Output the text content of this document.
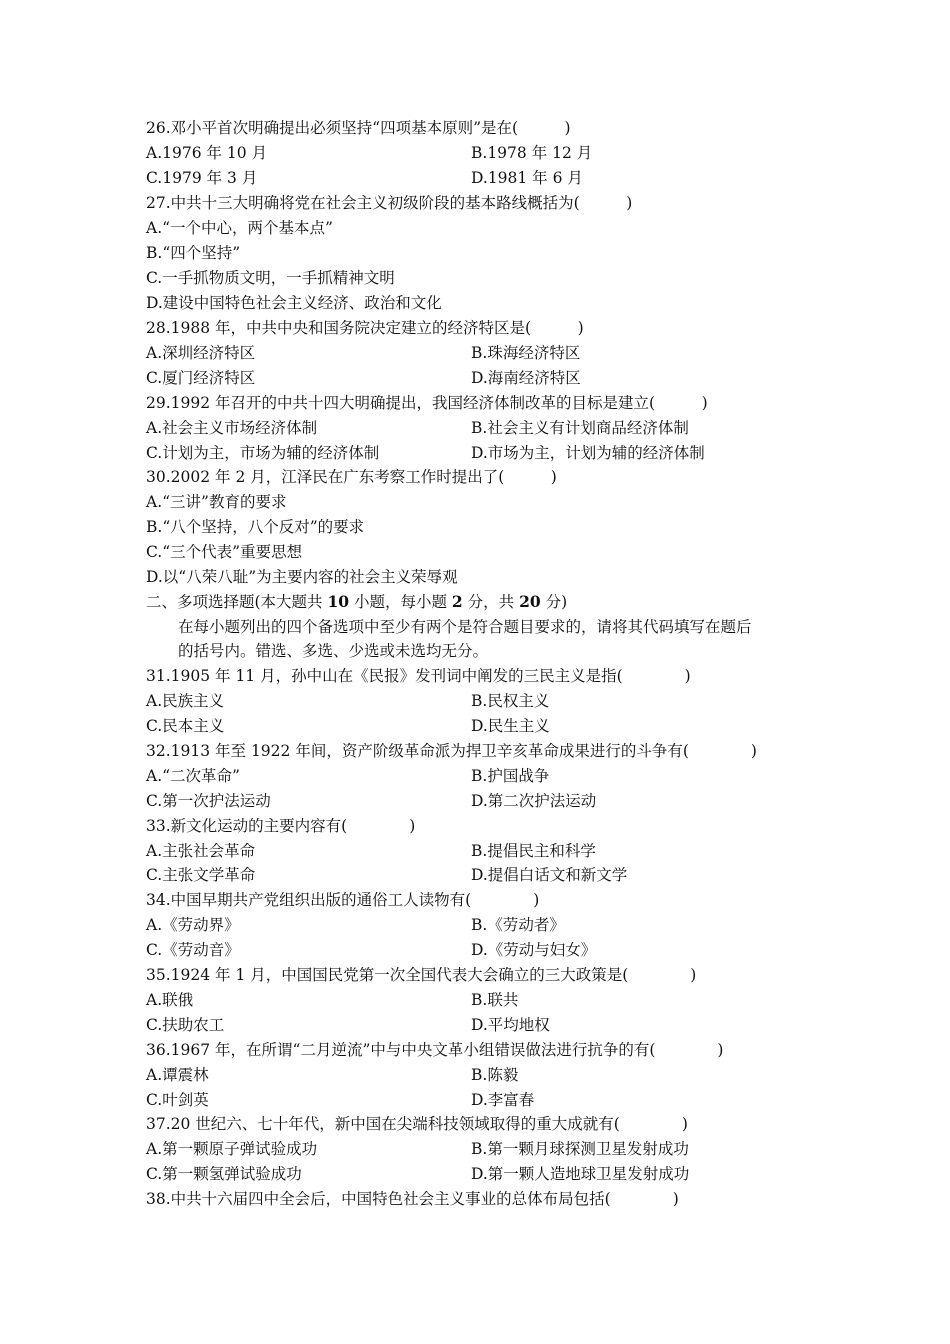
26.邓小平首次明确提出必须坚持“四项基本原则”是在(　　　)
A.1976 年 10 月	B.1978 年 12 月
C.1979 年 3 月	D.1981 年 6 月
27.中共十三大明确将党在社会主义初级阶段的基本路线概括为(　　　)
A.“一个中心，两个基本点”
B.“四个坚持”
C.一手抓物质文明，一手抓精神文明
D.建设中国特色社会主义经济、政治和文化
28.1988 年，中共中央和国务院决定建立的经济特区是(　　　)
A.深圳经济特区	B.珠海经济特区
C.厦门经济特区	D.海南经济特区
29.1992 年召开的中共十四大明确提出，我国经济体制改革的目标是建立(　　　)
A.社会主义市场经济体制	B.社会主义有计划商品经济体制
C.计划为主，市场为辅的经济体制	D.市场为主，计划为辅的经济体制
30.2002 年 2 月，江泽民在广东考察工作时提出了(　　　)
A.“三讲”教育的要求
B.“八个坚持，八个反对”的要求
C.“三个代表”重要思想
D.以“八荣八耻”为主要内容的社会主义荣辱观
二、多项选择题(本大题共 10 小题，每小题 2 分，共 20 分)
在每小题列出的四个备选项中至少有两个是符合题目要求的，请将其代码填写在题后
的括号内。错选、多选、少选或未选均无分。
31.1905 年 11 月，孙中山在《民报》发刊词中阐发的三民主义是指(　　　　)
A.民族主义	B.民权主义
C.民本主义	D.民生主义
32.1913 年至 1922 年间，资产阶级革命派为捍卫辛亥革命成果进行的斗争有(　　　　)
A.“二次革命”	B.护国战争
C.第一次护法运动	D.第二次护法运动
33.新文化运动的主要内容有(　　　　)
A.主张社会革命	B.提倡民主和科学
C.主张文学革命	D.提倡白话文和新文学
34.中国早期共产党组织出版的通俗工人读物有(　　　　)
A.《劳动界》	B.《劳动者》
C.《劳动音》	D.《劳动与妇女》
35.1924 年 1 月，中国国民党第一次全国代表大会确立的三大政策是(　　　　)
A.联俄	B.联共
C.扶助农工	D.平均地权
36.1967 年，在所谓“二月逆流”中与中央文革小组错误做法进行抗争的有(　　　　)
A.谭震林	B.陈毅
C.叶剑英	D.李富春
37.20 世纪六、七十年代，新中国在尖端科技领域取得的重大成就有(　　　　)
A.第一颗原子弹试验成功	B.第一颗月球探测卫星发射成功
C.第一颗氢弹试验成功	D.第一颗人造地球卫星发射成功
38.中共十六届四中全会后，中国特色社会主义事业的总体布局包括(　　　　)
